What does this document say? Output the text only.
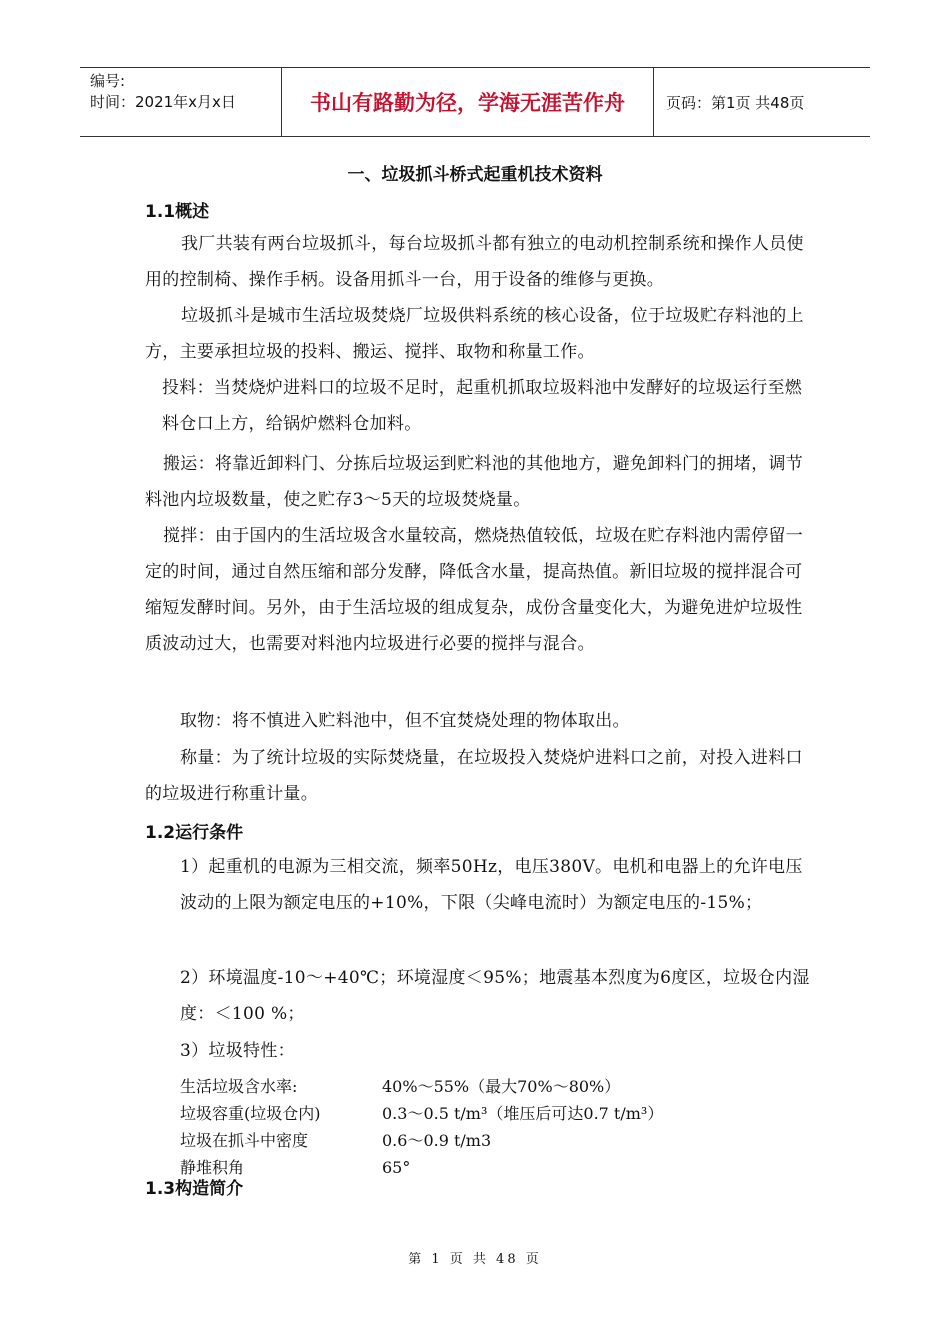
编号:
时间：2021年x月x日	书山有路勤为径，学海无涯苦作舟	页码：第1页 共48页
一、垃圾抓斗桥式起重机技术资料
1.1概述
我厂共装有两台垃圾抓斗，每台垃圾抓斗都有独立的电动机控制系统和操作人员使用的控制椅、操作手柄。设备用抓斗一台，用于设备的维修与更换。
垃圾抓斗是城市生活垃圾焚烧厂垃圾供料系统的核心设备，位于垃圾贮存料池的上方，主要承担垃圾的投料、搬运、搅拌、取物和称量工作。
投料：当焚烧炉进料口的垃圾不足时，起重机抓取垃圾料池中发酵好的垃圾运行至燃料仓口上方，给锅炉燃料仓加料。
搬运：将靠近卸料门、分拣后垃圾运到贮料池的其他地方，避免卸料门的拥堵，调节料池内垃圾数量，使之贮存3～5天的垃圾焚烧量。
搅拌：由于国内的生活垃圾含水量较高，燃烧热值较低，垃圾在贮存料池内需停留一定的时间，通过自然压缩和部分发酵，降低含水量，提高热值。新旧垃圾的搅拌混合可缩短发酵时间。另外，由于生活垃圾的组成复杂，成份含量变化大，为避免进炉垃圾性质波动过大，也需要对料池内垃圾进行必要的搅拌与混合。
取物：将不慎进入贮料池中，但不宜焚烧处理的物体取出。
称量：为了统计垃圾的实际焚烧量，在垃圾投入焚烧炉进料口之前，对投入进料口的垃圾进行称重计量。
1.2运行条件
1）起重机的电源为三相交流，频率50Hz，电压380V。电机和电器上的允许电压波动的上限为额定电压的+10%，下限（尖峰电流时）为额定电压的-15%；
2）环境温度-10～+40℃；环境湿度＜95%；地震基本烈度为6度区，垃圾仓内湿度：＜100 %；
3）垃圾特性：
生活垃圾含水率:	40%～55%（最大70%～80%）
垃圾容重(垃圾仓内)	0.3～0.5 t/m³（堆压后可达0.7 t/m³）
垃圾在抓斗中密度	0.6～0.9 t/m3
静堆积角	65°
1.3构造简介
第 1 页 共 48 页
